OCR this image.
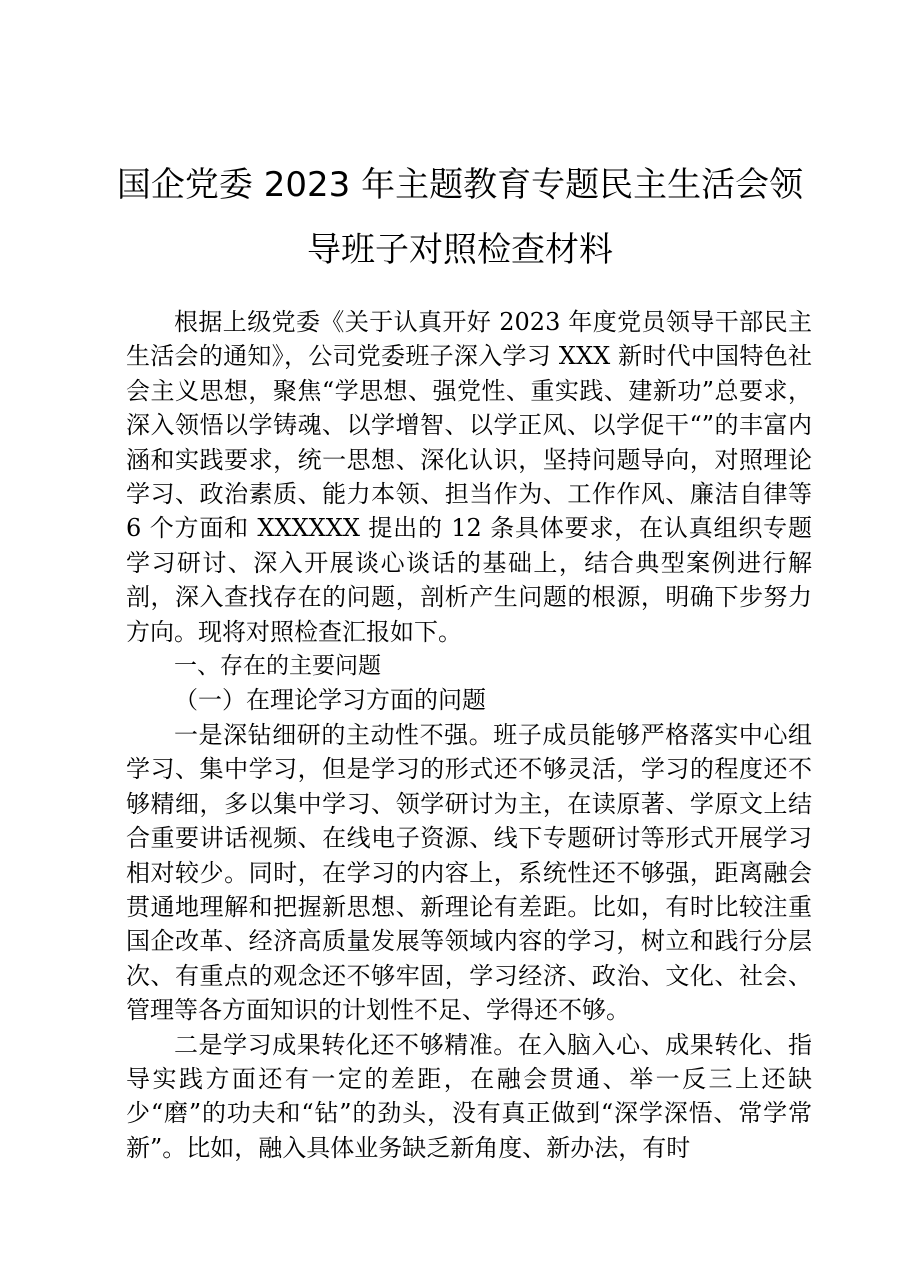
国企党委 2023 年主题教育专题民主生活会领
导班子对照检查材料

根据上级党委《关于认真开好 2023 年度党员领导干部民主生活会的通知》，公司党委班子深入学习 XXX 新时代中国特色社会主义思想，聚焦“学思想、强党性、重实践、建新功”总要求，深入领悟以学铸魂、以学增智、以学正风、以学促干“”的丰富内涵和实践要求，统一思想、深化认识，坚持问题导向，对照理论学习、政治素质、能力本领、担当作为、工作作风、廉洁自律等 6 个方面和 XXXXXX 提出的 12 条具体要求，在认真组织专题学习研讨、深入开展谈心谈话的基础上，结合典型案例进行解剖，深入查找存在的问题，剖析产生问题的根源，明确下步努力方向。现将对照检查汇报如下。

一、存在的主要问题

（一）在理论学习方面的问题

一是深钻细研的主动性不强。班子成员能够严格落实中心组学习、集中学习，但是学习的形式还不够灵活，学习的程度还不够精细，多以集中学习、领学研讨为主，在读原著、学原文上结合重要讲话视频、在线电子资源、线下专题研讨等形式开展学习相对较少。同时，在学习的内容上，系统性还不够强，距离融会贯通地理解和把握新思想、新理论有差距。比如，有时比较注重国企改革、经济高质量发展等领域内容的学习，树立和践行分层次、有重点的观念还不够牢固，学习经济、政治、文化、社会、管理等各方面知识的计划性不足、学得还不够。

二是学习成果转化还不够精准。在入脑入心、成果转化、指导实践方面还有一定的差距，在融会贯通、举一反三上还缺少“磨”的功夫和“钻”的劲头，没有真正做到“深学深悟、常学常新”。比如，融入具体业务缺乏新角度、新办法，有时
